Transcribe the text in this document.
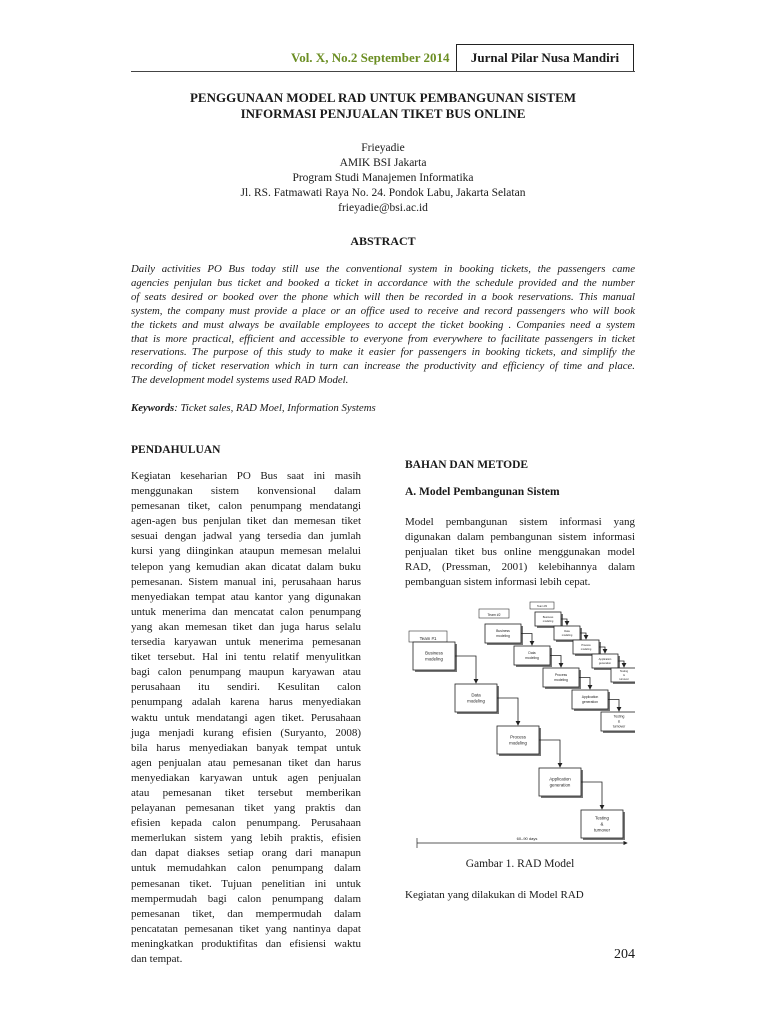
Vol. X, No.2 September 2014	Jurnal Pilar Nusa Mandiri
PENGGUNAAN MODEL RAD UNTUK PEMBANGUNAN SISTEM
INFORMASI PENJUALAN TIKET BUS ONLINE
Frieyadie
AMIK BSI Jakarta
Program Studi Manajemen Informatika
Jl. RS. Fatmawati Raya No. 24. Pondok Labu, Jakarta Selatan
frieyadie@bsi.ac.id
ABSTRACT
Daily activities PO Bus today still use the conventional system in booking tickets, the passengers came
agencies penjulan bus ticket and booked a ticket in accordance with the schedule provided and the number
of seats desired or booked over the phone which will then be recorded in a book reservations. This manual
system, the company must provide a place or an office used to receive and record passengers who will book
the tickets and must always be available employees to accept the ticket booking . Companies need a system
that is more practical, efficient and accessible to everyone from everywhere to facilitate passengers in ticket
reservations. The purpose of this study to make it easier for passengers in booking tickets, and simplify the
recording of ticket reservation which in turn can increase the productivity and efficiency of time and place.
The development model systems used RAD Model.
Keywords: Ticket sales, RAD Moel, Information Systems
PENDAHULUAN
Kegiatan keseharian PO Bus saat ini masih
menggunakan sistem konvensional dalam
pemesanan tiket, calon penumpang mendatangi
agen-agen bus penjulan tiket dan memesan tiket
sesuai dengan jadwal yang tersedia dan jumlah
kursi yang diinginkan ataupun memesan melalui
telepon yang kemudian akan dicatat dalam buku
pemesanan. Sistem manual ini, perusahaan harus
menyediakan tempat atau kantor yang digunakan
untuk menerima dan mencatat calon penumpang
yang akan memesan tiket dan juga harus selalu
tersedia karyawan untuk menerima pemesanan
tiket tersebut. Hal ini tentu relatif menyulitkan
bagi calon penumpang maupun karyawan atau
perusahaan itu sendiri. Kesulitan calon
penumpang adalah karena harus menyediakan
waktu untuk mendatangi agen tiket. Perusahaan
juga menjadi kurang efisien (Suryanto, 2008)
bila harus menyediakan banyak tempat untuk
agen penjualan atau pemesanan tiket dan harus
menyediakan karyawan untuk agen penjualan
atau pemesanan tiket tersebut memberikan
pelayanan pemesanan tiket yang praktis dan
efisien kepada calon penumpang. Perusahaan
memerlukan sistem yang lebih praktis, efisien
dan dapat diakses setiap orang dari manapun
untuk memudahkan calon penumpang dalam
pemesanan tiket. Tujuan penelitian ini untuk
mempermudah bagi calon penumpang dalam
pemesanan tiket, dan mempermudah dalam
pencatatan pemesanan tiket yang nantinya dapat
meningkatkan produktifitas dan efisiensi waktu
dan tempat.
BAHAN DAN METODE
A. Model Pembangunan Sistem
Model pembangunan sistem informasi yang
digunakan dalam pembangunan sistem informasi
penjualan tiket bus online menggunakan model
RAD, (Pressman, 2001) kelebihannya dalam
pembanguan sistem informasi lebih cepat.
Team #3
Business
modeling
Data
modeling
Process
modeling
Application
generation
Testing
&
turnover
Team #2
Business
modeling
Data
modeling
Process
modeling
Application
generation
Testing
&
turnover
Team #1
Business
modeling
Data
modeling
Process
modeling
Application
generation
Testing
&
turnover
60–90 days
Gambar 1. RAD Model
Kegiatan yang dilakukan di Model RAD
204
